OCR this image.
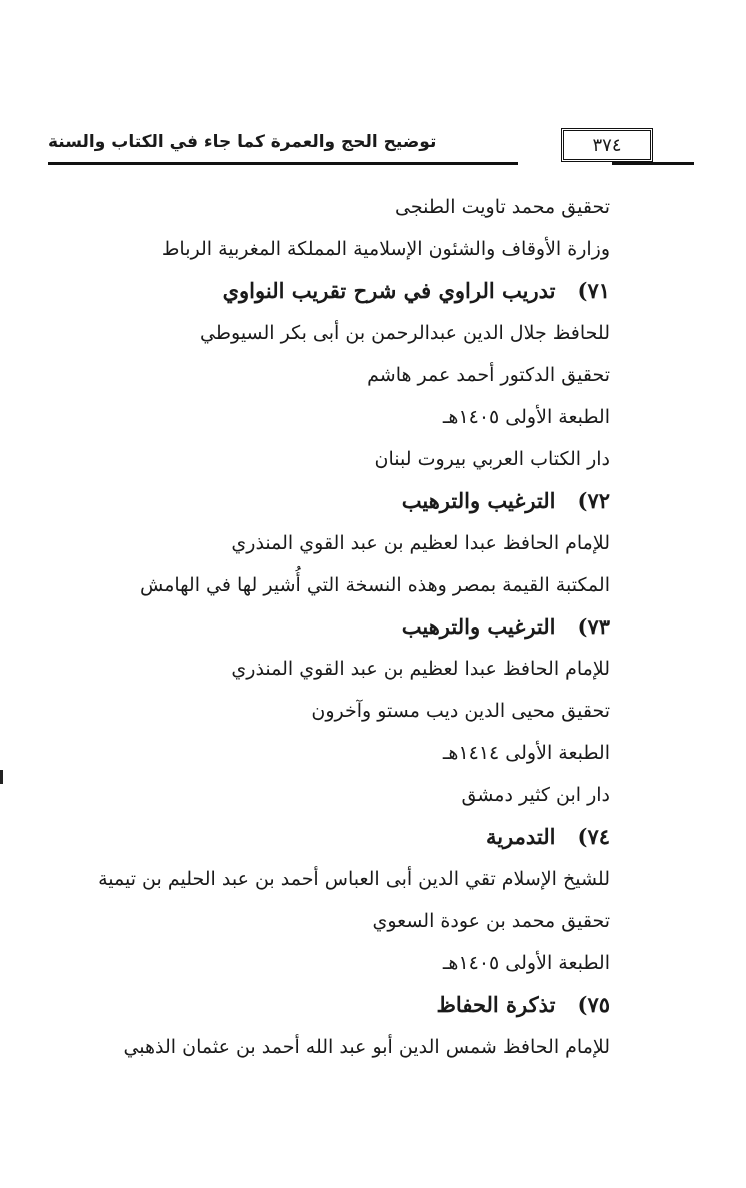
توضيح الحج والعمرة كما جاء في الكتاب والسنة	٣٧٤
تحقيق محمد تاويت الطنجى
وزارة الأوقاف والشئون الإسلامية المملكة المغربية الرباط
٧١)تدريب الراوي في شرح تقريب النواوي
للحافظ جلال الدين عبدالرحمن بن أبى بكر السيوطي
تحقيق الدكتور أحمد عمر هاشم
الطبعة الأولى ١٤٠٥هـ
دار الكتاب العربي بيروت لبنان
٧٢)الترغيب والترهيب
للإمام الحافظ عبدا لعظيم بن عبد القوي المنذري
المكتبة القيمة بمصر وهذه النسخة التي أُشير لها في الهامش
٧٣)الترغيب والترهيب
للإمام الحافظ عبدا لعظيم بن عبد القوي المنذري
تحقيق محيى الدين ديب مستو وآخرون
الطبعة الأولى ١٤١٤هـ
دار ابن كثير دمشق
٧٤)التدمرية
للشيخ الإسلام تقي الدين أبى العباس أحمد بن عبد الحليم بن تيمية
تحقيق محمد بن عودة السعوي
الطبعة الأولى ١٤٠٥هـ
٧٥)تذكرة الحفاظ
للإمام الحافظ شمس الدين أبو عبد الله أحمد بن عثمان الذهبي
